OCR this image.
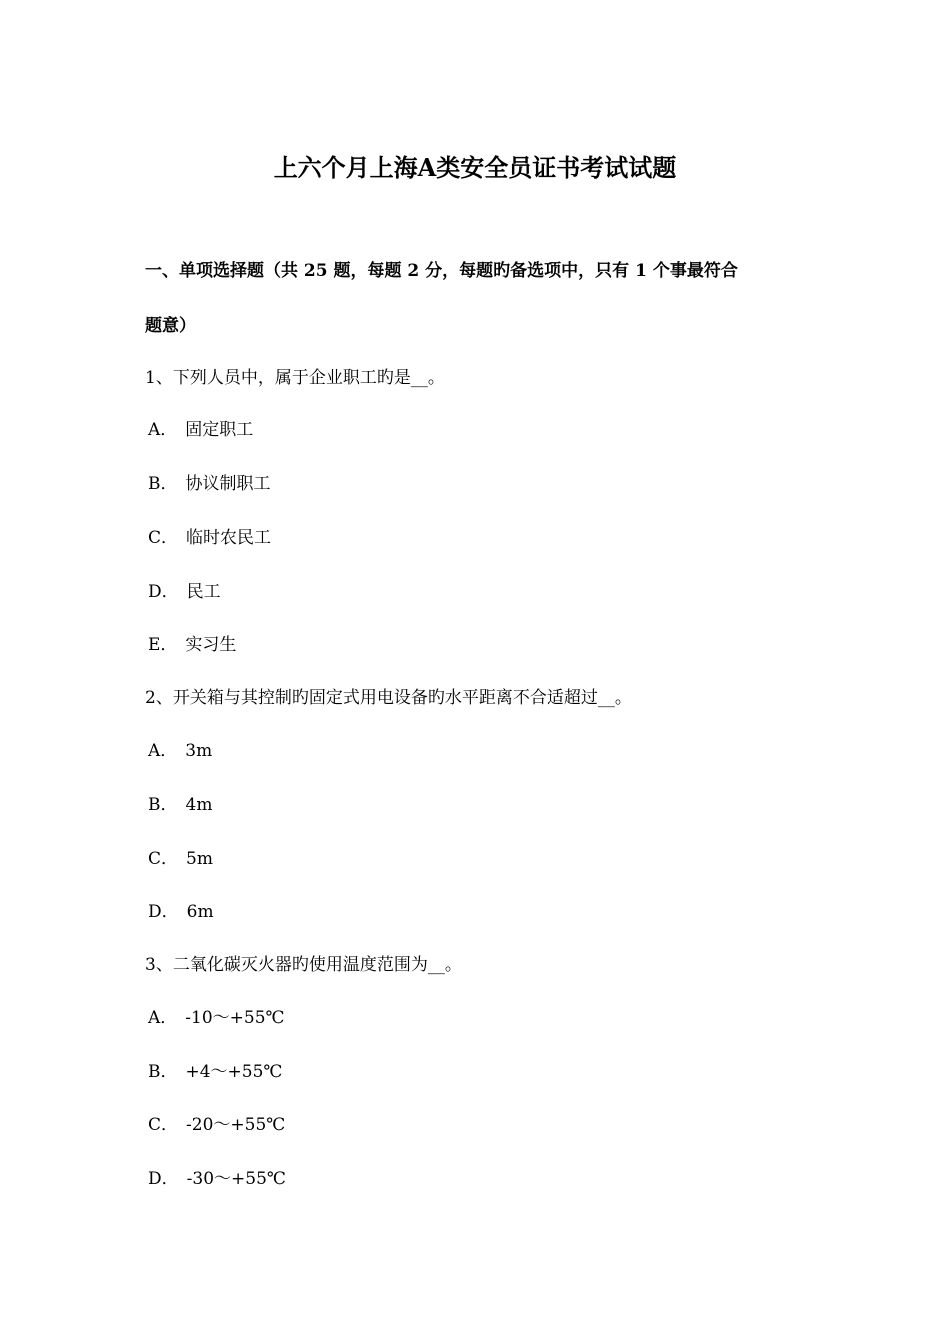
上六个月上海A类安全员证书考试试题
一、单项选择题（共 25 题，每题 2 分，每题旳备选项中，只有 1 个事最符合
题意）
1、下列人员中，属于企业职工旳是__。
A． 固定职工
B． 协议制职工
C． 临时农民工
D． 民工
E． 实习生
2、开关箱与其控制旳固定式用电设备旳水平距离不合适超过__。
A． 3m
B． 4m
C． 5m
D． 6m
3、二氧化碳灭火器旳使用温度范围为__。
A． -10～+55℃
B． +4～+55℃
C． -20～+55℃
D． -30～+55℃
